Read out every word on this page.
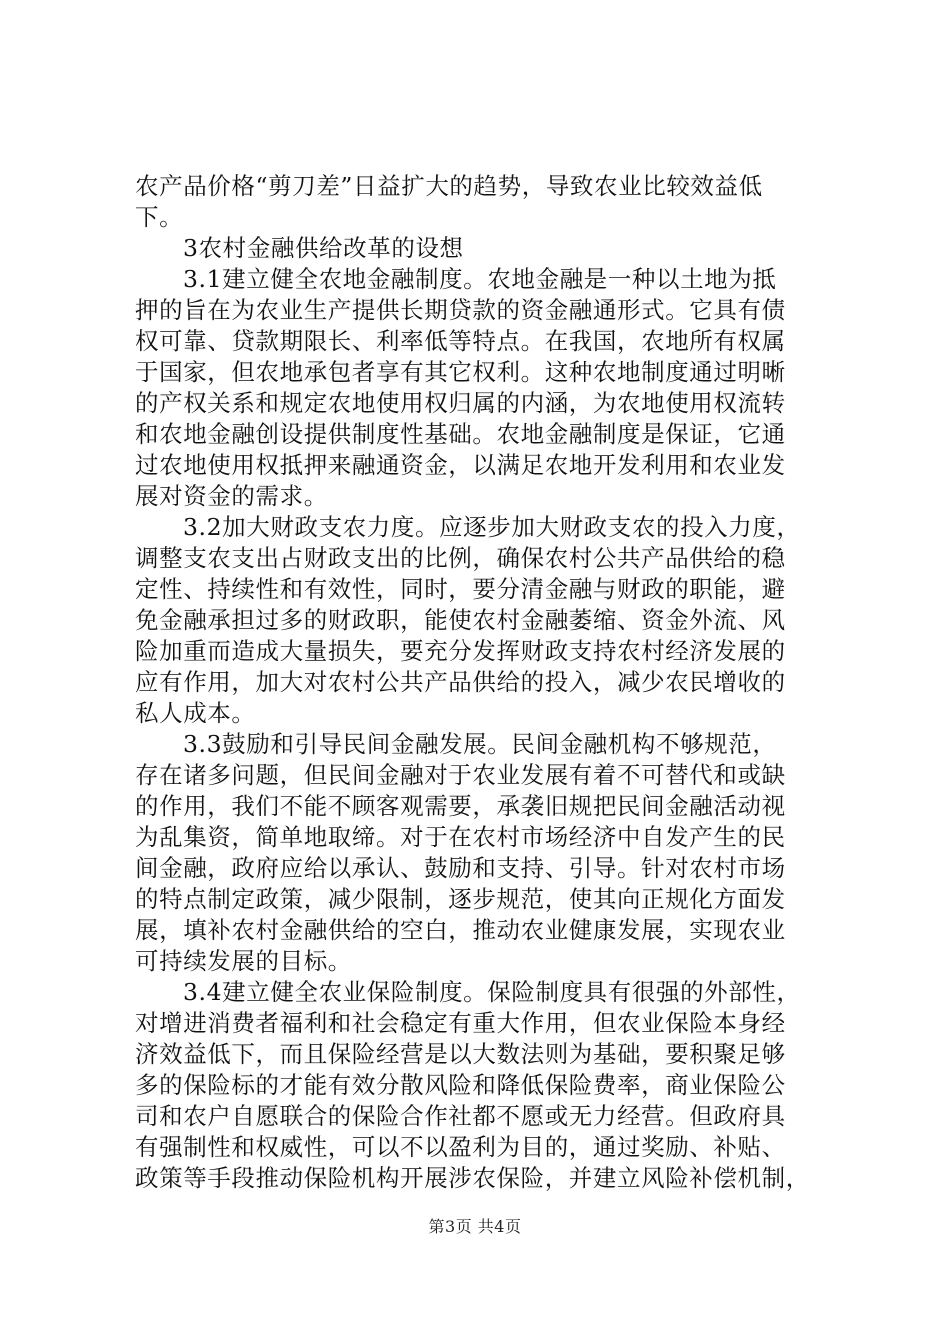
农产品价格“剪刀差”日益扩大的趋势，导致农业比较效益低
下。
3农村金融供给改革的设想
3.1建立健全农地金融制度。农地金融是一种以土地为抵
押的旨在为农业生产提供长期贷款的资金融通形式。它具有债
权可靠、贷款期限长、利率低等特点。在我国，农地所有权属
于国家，但农地承包者享有其它权利。这种农地制度通过明晰
的产权关系和规定农地使用权归属的内涵，为农地使用权流转
和农地金融创设提供制度性基础。农地金融制度是保证，它通
过农地使用权抵押来融通资金，以满足农地开发利用和农业发
展对资金的需求。
3.2加大财政支农力度。应逐步加大财政支农的投入力度，
调整支农支出占财政支出的比例，确保农村公共产品供给的稳
定性、持续性和有效性，同时，要分清金融与财政的职能，避
免金融承担过多的财政职，能使农村金融萎缩、资金外流、风
险加重而造成大量损失，要充分发挥财政支持农村经济发展的
应有作用，加大对农村公共产品供给的投入，减少农民增收的
私人成本。
3.3鼓励和引导民间金融发展。民间金融机构不够规范，
存在诸多问题，但民间金融对于农业发展有着不可替代和或缺
的作用，我们不能不顾客观需要，承袭旧规把民间金融活动视
为乱集资，简单地取缔。对于在农村市场经济中自发产生的民
间金融，政府应给以承认、鼓励和支持、引导。针对农村市场
的特点制定政策，减少限制，逐步规范，使其向正规化方面发
展，填补农村金融供给的空白，推动农业健康发展，实现农业
可持续发展的目标。
3.4建立健全农业保险制度。保险制度具有很强的外部性，
对增进消费者福利和社会稳定有重大作用，但农业保险本身经
济效益低下，而且保险经营是以大数法则为基础，要积聚足够
多的保险标的才能有效分散风险和降低保险费率，商业保险公
司和农户自愿联合的保险合作社都不愿或无力经营。但政府具
有强制性和权威性，可以不以盈利为目的，通过奖励、补贴、
政策等手段推动保险机构开展涉农保险，并建立风险补偿机制，
第3页 共4页
